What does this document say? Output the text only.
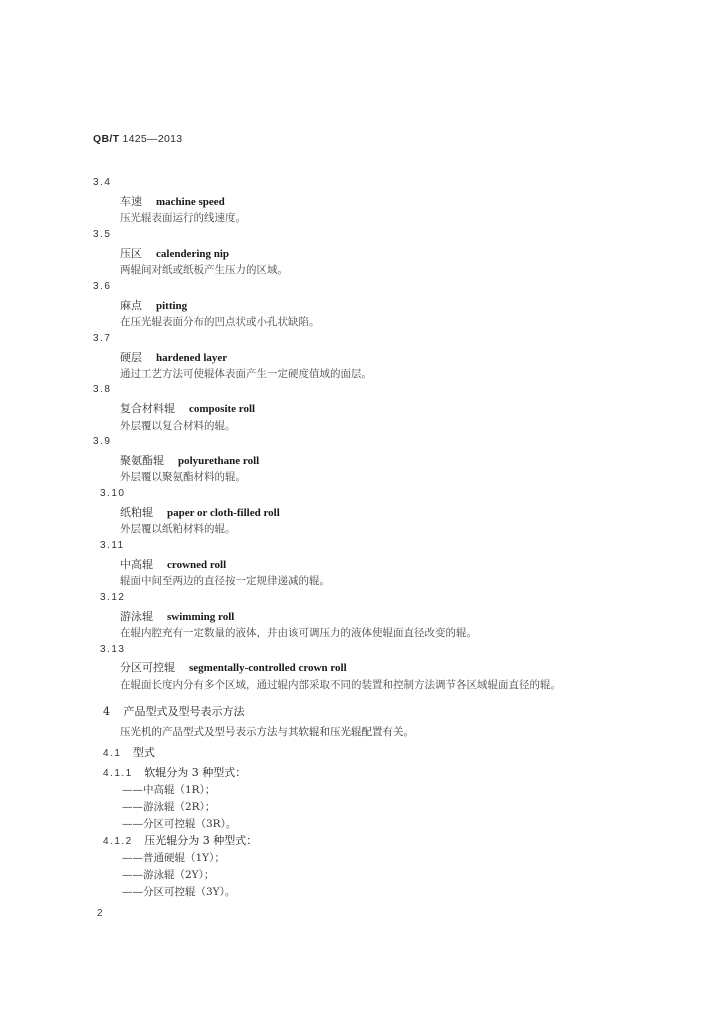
QB/T 1425—2013
3.4
车速 machine speed
压光辊表面运行的线速度。
3.5
压区 calendering nip
两辊间对纸或纸板产生压力的区域。
3.6
麻点 pitting
在压光辊表面分布的凹点状或小孔状缺陷。
3.7
硬层 hardened layer
通过工艺方法可使辊体表面产生一定硬度值域的面层。
3.8
复合材料辊 composite roll
外层覆以复合材料的辊。
3.9
聚氨酯辊 polyurethane roll
外层覆以聚氨酯材料的辊。
3.10
纸粕辊 paper or cloth-filled roll
外层覆以纸粕材料的辊。
3.11
中高辊 crowned roll
辊面中间至两边的直径按一定规律递减的辊。
3.12
游泳辊 swimming roll
在辊内腔充有一定数量的液体，并由该可调压力的液体使辊面直径改变的辊。
3.13
分区可控辊 segmentally-controlled crown roll
在辊面长度内分有多个区域，通过辊内部采取不同的装置和控制方法调节各区域辊面直径的辊。
4 产品型式及型号表示方法
压光机的产品型式及型号表示方法与其软辊和压光辊配置有关。
4.1 型式
4.1.1 软辊分为 3 种型式：
——中高辊（1R）；
——游泳辊（2R）；
——分区可控辊（3R）。
4.1.2 压光辊分为 3 种型式：
——普通硬辊（1Y）；
——游泳辊（2Y）；
——分区可控辊（3Y）。
2
